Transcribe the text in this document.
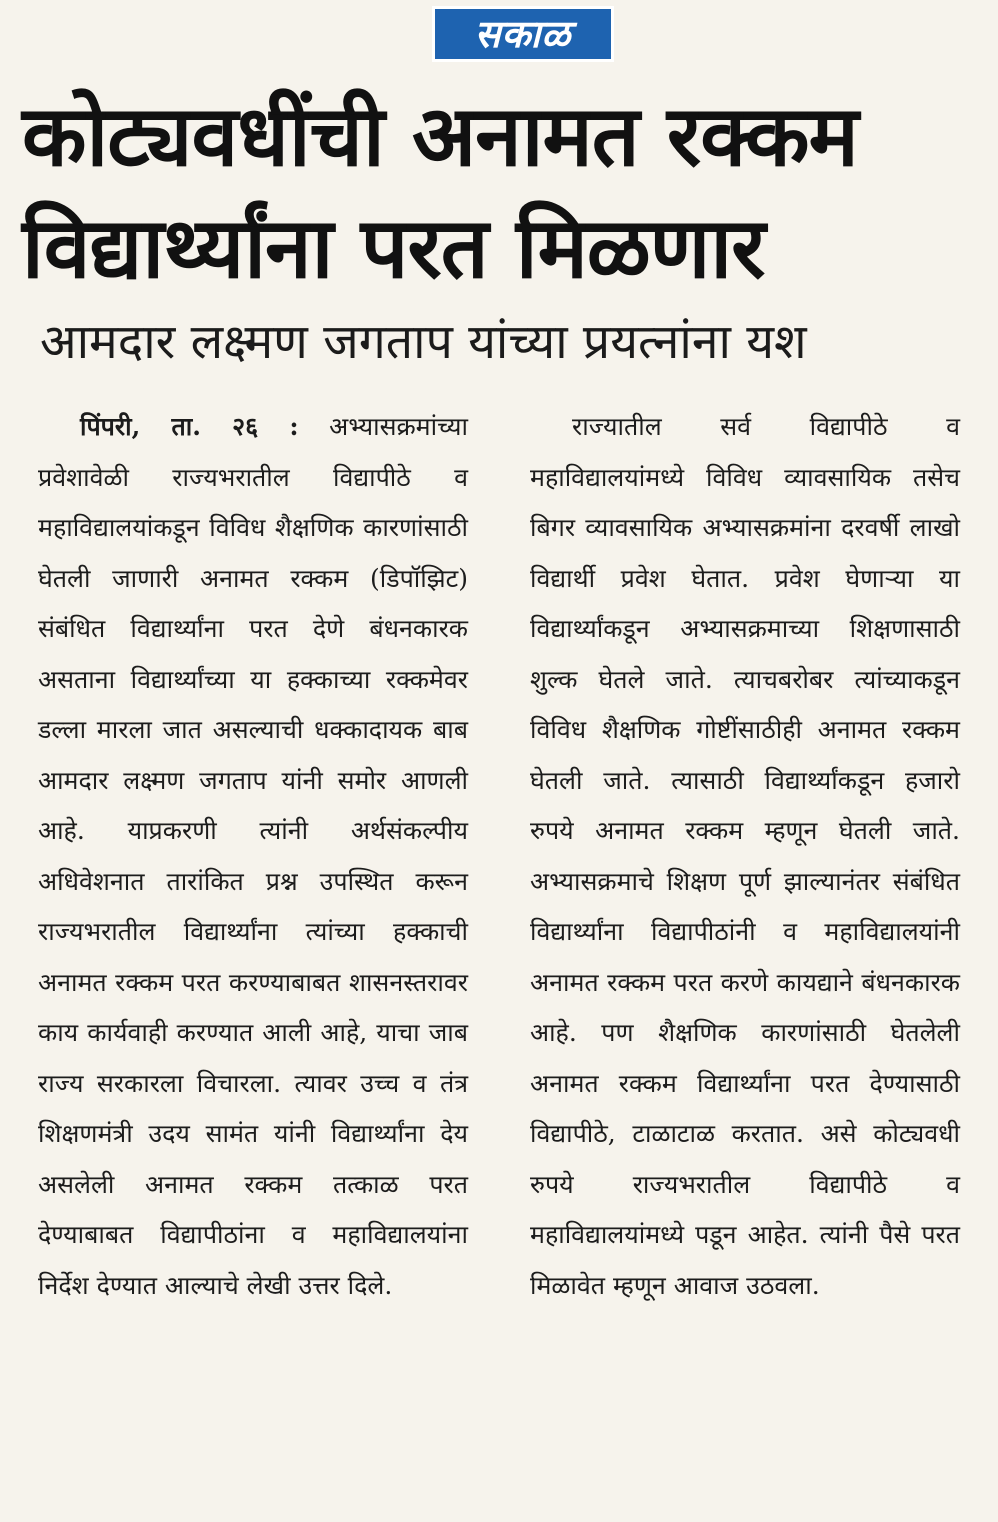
सकाळ
कोट्यवधींची अनामत रक्कम
विद्यार्थ्यांना परत मिळणार
आमदार लक्ष्मण जगताप यांच्या प्रयत्नांना यश

पिंपरी, ता. २६ : अभ्यासक्रमांच्या प्रवेशावेळी राज्यभरातील विद्यापीठे व महाविद्यालयांकडून विविध शैक्षणिक कारणांसाठी घेतली जाणारी अनामत रक्कम (डिपॉझिट) संबंधित विद्यार्थ्यांना परत देणे बंधनकारक असताना विद्यार्थ्यांच्या या हक्काच्या रक्कमेवर डल्ला मारला जात असल्याची धक्कादायक बाब आमदार लक्ष्मण जगताप यांनी समोर आणली आहे. याप्रकरणी त्यांनी अर्थसंकल्पीय अधिवेशनात तारांकित प्रश्न उपस्थित करून राज्यभरातील विद्यार्थ्यांना त्यांच्या हक्काची अनामत रक्कम परत करण्याबाबत शासनस्तरावर काय कार्यवाही करण्यात आली आहे, याचा जाब राज्य सरकारला विचारला. त्यावर उच्च व तंत्र शिक्षणमंत्री उदय सामंत यांनी विद्यार्थ्यांना देय असलेली अनामत रक्कम तत्काळ परत देण्याबाबत विद्यापीठांना व महाविद्यालयांना निर्देश देण्यात आल्याचे लेखी उत्तर दिले.

राज्यातील सर्व विद्यापीठे व महाविद्यालयांमध्ये विविध व्यावसायिक तसेच बिगर व्यावसायिक अभ्यासक्रमांना दरवर्षी लाखो विद्यार्थी प्रवेश घेतात. प्रवेश घेणाऱ्या या विद्यार्थ्यांकडून अभ्यासक्रमाच्या शिक्षणासाठी शुल्क घेतले जाते. त्याचबरोबर त्यांच्याकडून विविध शैक्षणिक गोष्टींसाठीही अनामत रक्कम घेतली जाते. त्यासाठी विद्यार्थ्यांकडून हजारो रुपये अनामत रक्कम म्हणून घेतली जाते. अभ्यासक्रमाचे शिक्षण पूर्ण झाल्यानंतर संबंधित विद्यार्थ्यांना विद्यापीठांनी व महाविद्यालयांनी अनामत रक्कम परत करणे कायद्याने बंधनकारक आहे. पण शैक्षणिक कारणांसाठी घेतलेली अनामत रक्कम विद्यार्थ्यांना परत देण्यासाठी विद्यापीठे, टाळाटाळ करतात. असे कोट्यवधी रुपये राज्यभरातील विद्यापीठे व महाविद्यालयांमध्ये पडून आहेत. त्यांनी पैसे परत मिळावेत म्हणून आवाज उठवला.
